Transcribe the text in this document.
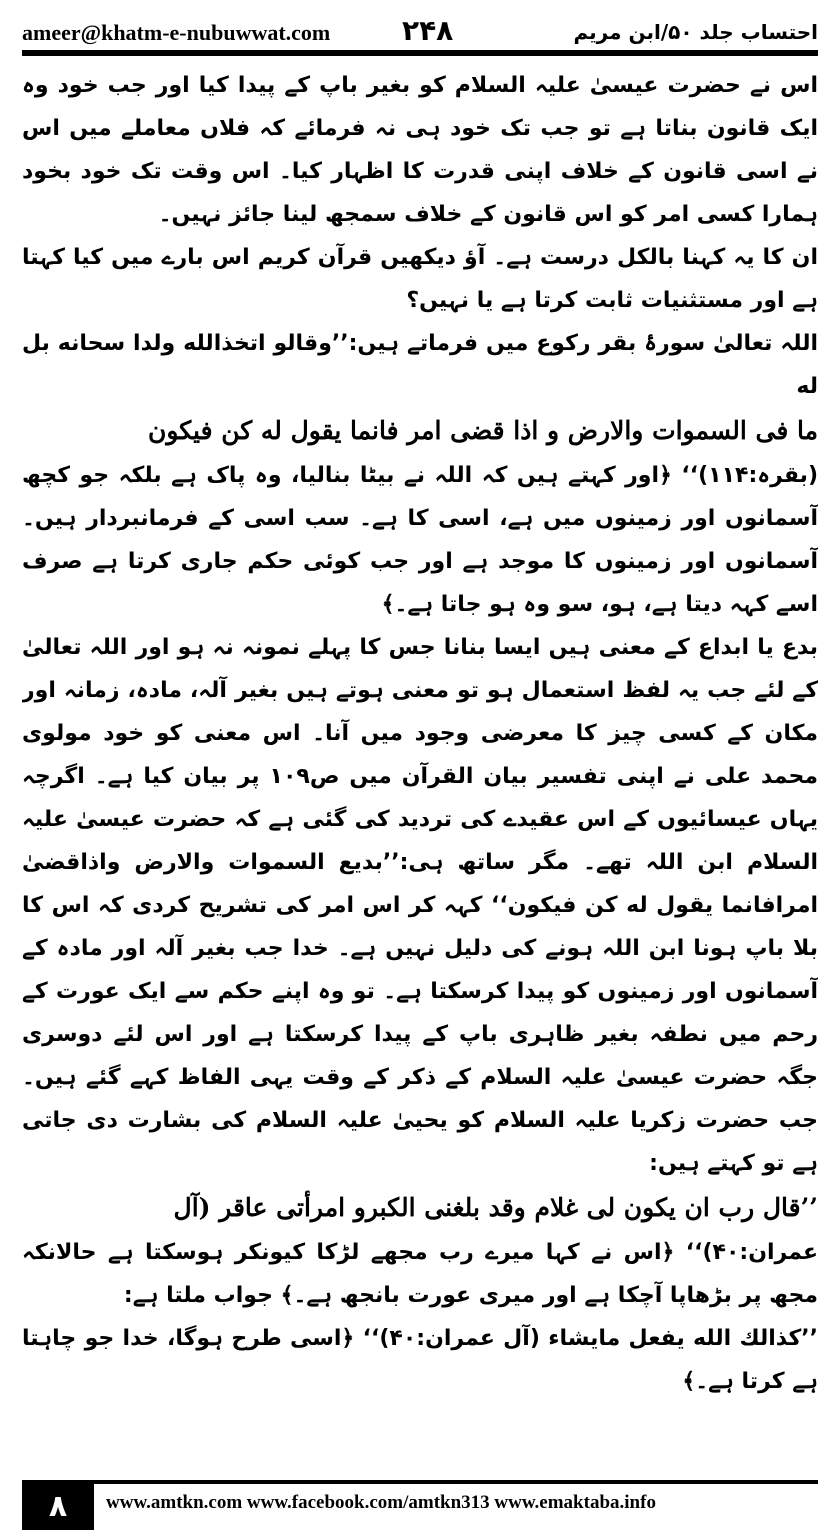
ameer@khatm-e-nubuwwat.com	۲۴۸	احتساب جلد ۵۰/ابن مریم

اس نے حضرت عیسیٰ علیہ السلام کو بغیر باپ کے پیدا کیا اور جب خود وہ ایک قانون بناتا ہے تو جب تک خود ہی نہ فرمائے کہ فلاں معاملے میں اس نے اسی قانون کے خلاف اپنی قدرت کا اظہار کیا۔ اس وقت تک خود بخود ہمارا کسی امر کو اس قانون کے خلاف سمجھ لینا جائز نہیں۔

ان کا یہ کہنا بالکل درست ہے۔ آؤ دیکھیں قرآن کریم اس بارے میں کیا کہتا ہے اور مستثنیات ثابت کرتا ہے یا نہیں؟

اللہ تعالیٰ سورۂ بقر رکوع میں فرماتے ہیں:’’وقالو اتخذالله ولدا سحانه بل له

ما فی السموات والارض و اذا قضی امر فانما یقول له کن فیکون

(بقرہ:۱۱۴)‘‘ ﴿اور کہتے ہیں کہ اللہ نے بیٹا بنالیا، وہ پاک ہے بلکہ جو کچھ آسمانوں اور زمینوں میں ہے، اسی کا ہے۔ سب اسی کے فرمانبردار ہیں۔ آسمانوں اور زمینوں کا موجد ہے اور جب کوئی حکم جاری کرتا ہے صرف اسے کہہ دیتا ہے، ہو، سو وہ ہو جاتا ہے۔﴾

بدع یا ابداع کے معنی ہیں ایسا بنانا جس کا پہلے نمونہ نہ ہو اور اللہ تعالیٰ کے لئے جب یہ لفظ استعمال ہو تو معنی ہوتے ہیں بغیر آلہ، مادہ، زمانہ اور مکان کے کسی چیز کا معرضی وجود میں آنا۔ اس معنی کو خود مولوی محمد علی نے اپنی تفسیر بیان القرآن میں ص۱۰۹ پر بیان کیا ہے۔ اگرچہ یہاں عیسائیوں کے اس عقیدے کی تردید کی گئی ہے کہ حضرت عیسیٰ علیہ السلام ابن اللہ تھے۔ مگر ساتھ ہی:’’بدیع السموات والارض واذاقضیٰ امرافانما یقول له کن فیکون‘‘ کہہ کر اس امر کی تشریح کردی کہ اس کا بلا باپ ہونا ابن اللہ ہونے کی دلیل نہیں ہے۔ خدا جب بغیر آلہ اور مادہ کے آسمانوں اور زمینوں کو پیدا کرسکتا ہے۔ تو وہ اپنے حکم سے ایک عورت کے رحم میں نطفہ بغیر ظاہری باپ کے پیدا کرسکتا ہے اور اس لئے دوسری جگہ حضرت عیسیٰ علیہ السلام کے ذکر کے وقت یہی الفاظ کہے گئے ہیں۔ جب حضرت زکریا علیہ السلام کو یحییٰ علیہ السلام کی بشارت دی جاتی ہے تو کہتے ہیں:

’’قال رب ان یکون لی غلام وقد بلغنی الکبرو امرأتی عاقر (آل

عمران:۴۰)‘‘ ﴿اس نے کہا میرے رب مجھے لڑکا کیونکر ہوسکتا ہے حالانکہ مجھ پر بڑھاپا آچکا ہے اور میری عورت بانجھ ہے۔﴾ جواب ملتا ہے:

’’کذالك الله یفعل مایشاء (آل عمران:۴۰)‘‘ ﴿اسی طرح ہوگا، خدا جو چاہتا ہے کرتا ہے۔﴾

۸	www.amtkn.com www.facebook.com/amtkn313 www.emaktaba.info
